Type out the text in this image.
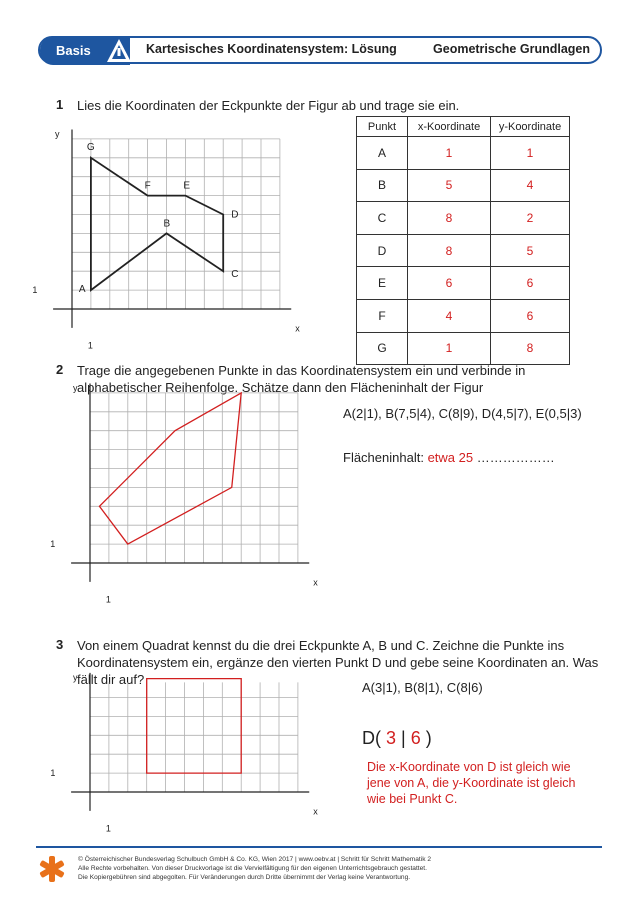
Basis	Kartesisches Koordinatensystem: Lösung	Geometrische Grundlagen
1 Lies die Koordinaten der Eckpunkte der Figur ab und trage sie ein.
x
y
1
1	A
B
C
D
E
F
G
Punkt	x-Koordinate	y-Koordinate
A	1	1
B	5	4
C	8	2
D	8	5
E	6	6
F	4	6
G	1	8
2 Trage die angegebenen Punkte in das Koordinatensystem ein und verbinde in
alphabetischer Reihenfolge. Schätze dann den Flächeninhalt der Figur
x
y
1
1
A(2|1), B(7,5|4), C(8|9), D(4,5|7), E(0,5|3)
Flächeninhalt: etwa 25 ………………
3 Von einem Quadrat kennst du die drei Eckpunkte A, B und C. Zeichne die Punkte ins
Koordinatensystem ein, ergänze den vierten Punkt D und gebe seine Koordinaten an. Was
fällt dir auf?
x
y
1
1
A(3|1), B(8|1), C(8|6)
D( 3 | 6 )
Die x-Koordinate von D ist gleich wie
jene von A, die y-Koordinate ist gleich
wie bei Punkt C.
© Österreichischer Bundesverlag Schulbuch GmbH & Co. KG, Wien 2017 | www.oebv.at | Schritt für Schritt Mathematik 2
Alle Rechte vorbehalten. Von dieser Druckvorlage ist die Vervielfältigung für den eigenen Unterrichtsgebrauch gestattet.
Die Kopiergebühren sind abgegolten. Für Veränderungen durch Dritte übernimmt der Verlag keine Verantwortung.
